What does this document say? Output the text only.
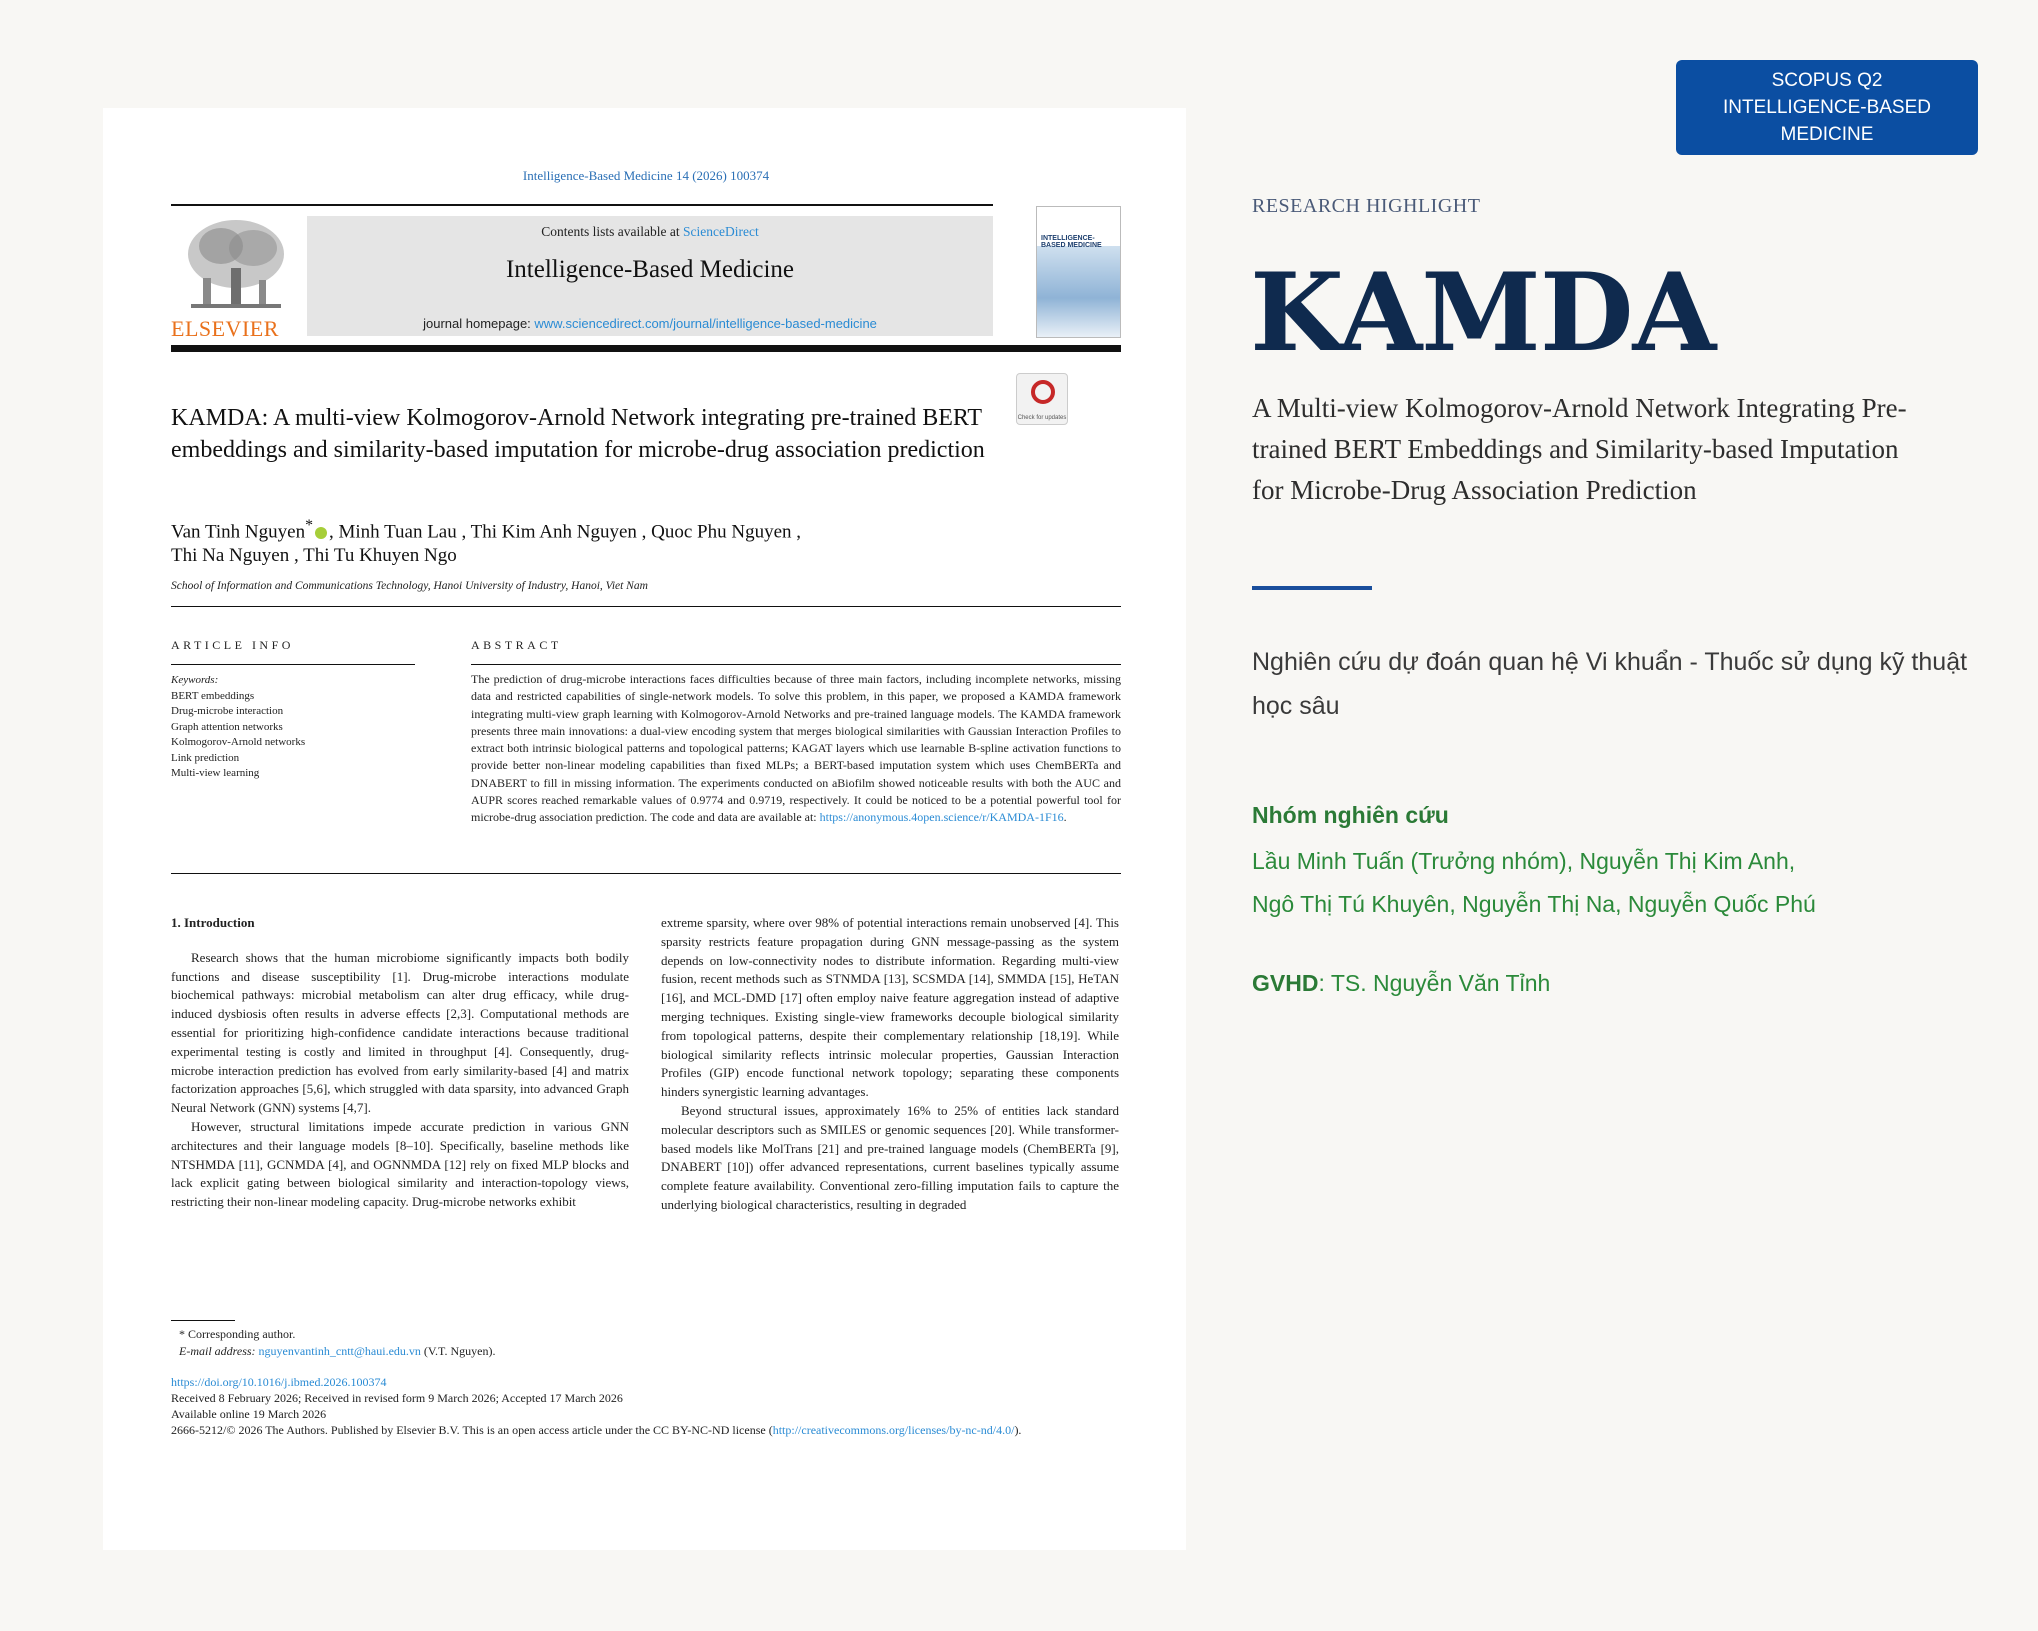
Intelligence-Based Medicine 14 (2026) 100374
ELSEVIER
Contents lists available at ScienceDirect
Intelligence-Based Medicine
journal homepage: www.sciencedirect.com/journal/intelligence-based-medicine
INTELLIGENCE-BASED MEDICINE
Check for updates
KAMDA: A multi-view Kolmogorov-Arnold Network integrating pre-trained BERT embeddings and similarity-based imputation for microbe-drug association prediction
Van Tinh Nguyen* , Minh Tuan Lau , Thi Kim Anh Nguyen , Quoc Phu Nguyen ,
Thi Na Nguyen , Thi Tu Khuyen Ngo
School of Information and Communications Technology, Hanoi University of Industry, Hanoi, Viet Nam
ARTICLE INFO
Keywords:
BERT embeddings
Drug-microbe interaction
Graph attention networks
Kolmogorov-Arnold networks
Link prediction
Multi-view learning
ABSTRACT
The prediction of drug-microbe interactions faces difficulties because of three main factors, including incomplete networks, missing data and restricted capabilities of single-network models. To solve this problem, in this paper, we proposed a KAMDA framework integrating multi-view graph learning with Kolmogorov-Arnold Networks and pre-trained language models. The KAMDA framework presents three main innovations: a dual-view encoding system that merges biological similarities with Gaussian Interaction Profiles to extract both intrinsic biological patterns and topological patterns; KAGAT layers which use learnable B-spline activation functions to provide better non-linear modeling capabilities than fixed MLPs; a BERT-based imputation system which uses ChemBERTa and DNABERT to fill in missing information. The experiments conducted on aBiofilm showed noticeable results with both the AUC and AUPR scores reached remarkable values of 0.9774 and 0.9719, respectively. It could be noticed to be a potential powerful tool for microbe-drug association prediction. The code and data are available at: https://anonymous.4open.science/r/KAMDA-1F16.
1. Introduction

Research shows that the human microbiome significantly impacts both bodily functions and disease susceptibility [1]. Drug-microbe interactions modulate biochemical pathways: microbial metabolism can alter drug efficacy, while drug-induced dysbiosis often results in adverse effects [2,3]. Computational methods are essential for prioritizing high-confidence candidate interactions because traditional experimental testing is costly and limited in throughput [4]. Consequently, drug-microbe interaction prediction has evolved from early similarity-based [4] and matrix factorization approaches [5,6], which struggled with data sparsity, into advanced Graph Neural Network (GNN) systems [4,7].

However, structural limitations impede accurate prediction in various GNN architectures and their language models [8–10]. Specifically, baseline methods like NTSHMDA [11], GCNMDA [4], and OGNNMDA [12] rely on fixed MLP blocks and lack explicit gating between biological similarity and interaction-topology views, restricting their non-linear modeling capacity. Drug-microbe networks exhibit

extreme sparsity, where over 98% of potential interactions remain unobserved [4]. This sparsity restricts feature propagation during GNN message-passing as the system depends on low-connectivity nodes to distribute information. Regarding multi-view fusion, recent methods such as STNMDA [13], SCSMDA [14], SMMDA [15], HeTAN [16], and MCL-DMD [17] often employ naive feature aggregation instead of adaptive merging techniques. Existing single-view frameworks decouple biological similarity from topological patterns, despite their complementary relationship [18,19]. While biological similarity reflects intrinsic molecular properties, Gaussian Interaction Profiles (GIP) encode functional network topology; separating these components hinders synergistic learning advantages.

Beyond structural issues, approximately 16% to 25% of entities lack standard molecular descriptors such as SMILES or genomic sequences [20]. While transformer-based models like MolTrans [21] and pre-trained language models (ChemBERTa [9], DNABERT [10]) offer advanced representations, current baselines typically assume complete feature availability. Conventional zero-filling imputation fails to capture the underlying biological characteristics, resulting in degraded

* Corresponding author.
E-mail address: nguyenvantinh_cntt@haui.edu.vn (V.T. Nguyen).
https://doi.org/10.1016/j.ibmed.2026.100374
Received 8 February 2026; Received in revised form 9 March 2026; Accepted 17 March 2026
Available online 19 March 2026
2666-5212/© 2026 The Authors. Published by Elsevier B.V. This is an open access article under the CC BY-NC-ND license (http://creativecommons.org/licenses/by-nc-nd/4.0/).
SCOPUS Q2
INTELLIGENCE-BASED
MEDICINE
RESEARCH HIGHLIGHT
KAMDA
A Multi-view Kolmogorov-Arnold Network Integrating Pre-trained BERT Embeddings and Similarity-based Imputation for Microbe-Drug Association Prediction
Nghiên cứu dự đoán quan hệ Vi khuẩn - Thuốc sử dụng kỹ thuật học sâu
Nhóm nghiên cứu
Lầu Minh Tuấn (Trưởng nhóm), Nguyễn Thị Kim Anh,
Ngô Thị Tú Khuyên, Nguyễn Thị Na, Nguyễn Quốc Phú
GVHD: TS. Nguyễn Văn Tỉnh
